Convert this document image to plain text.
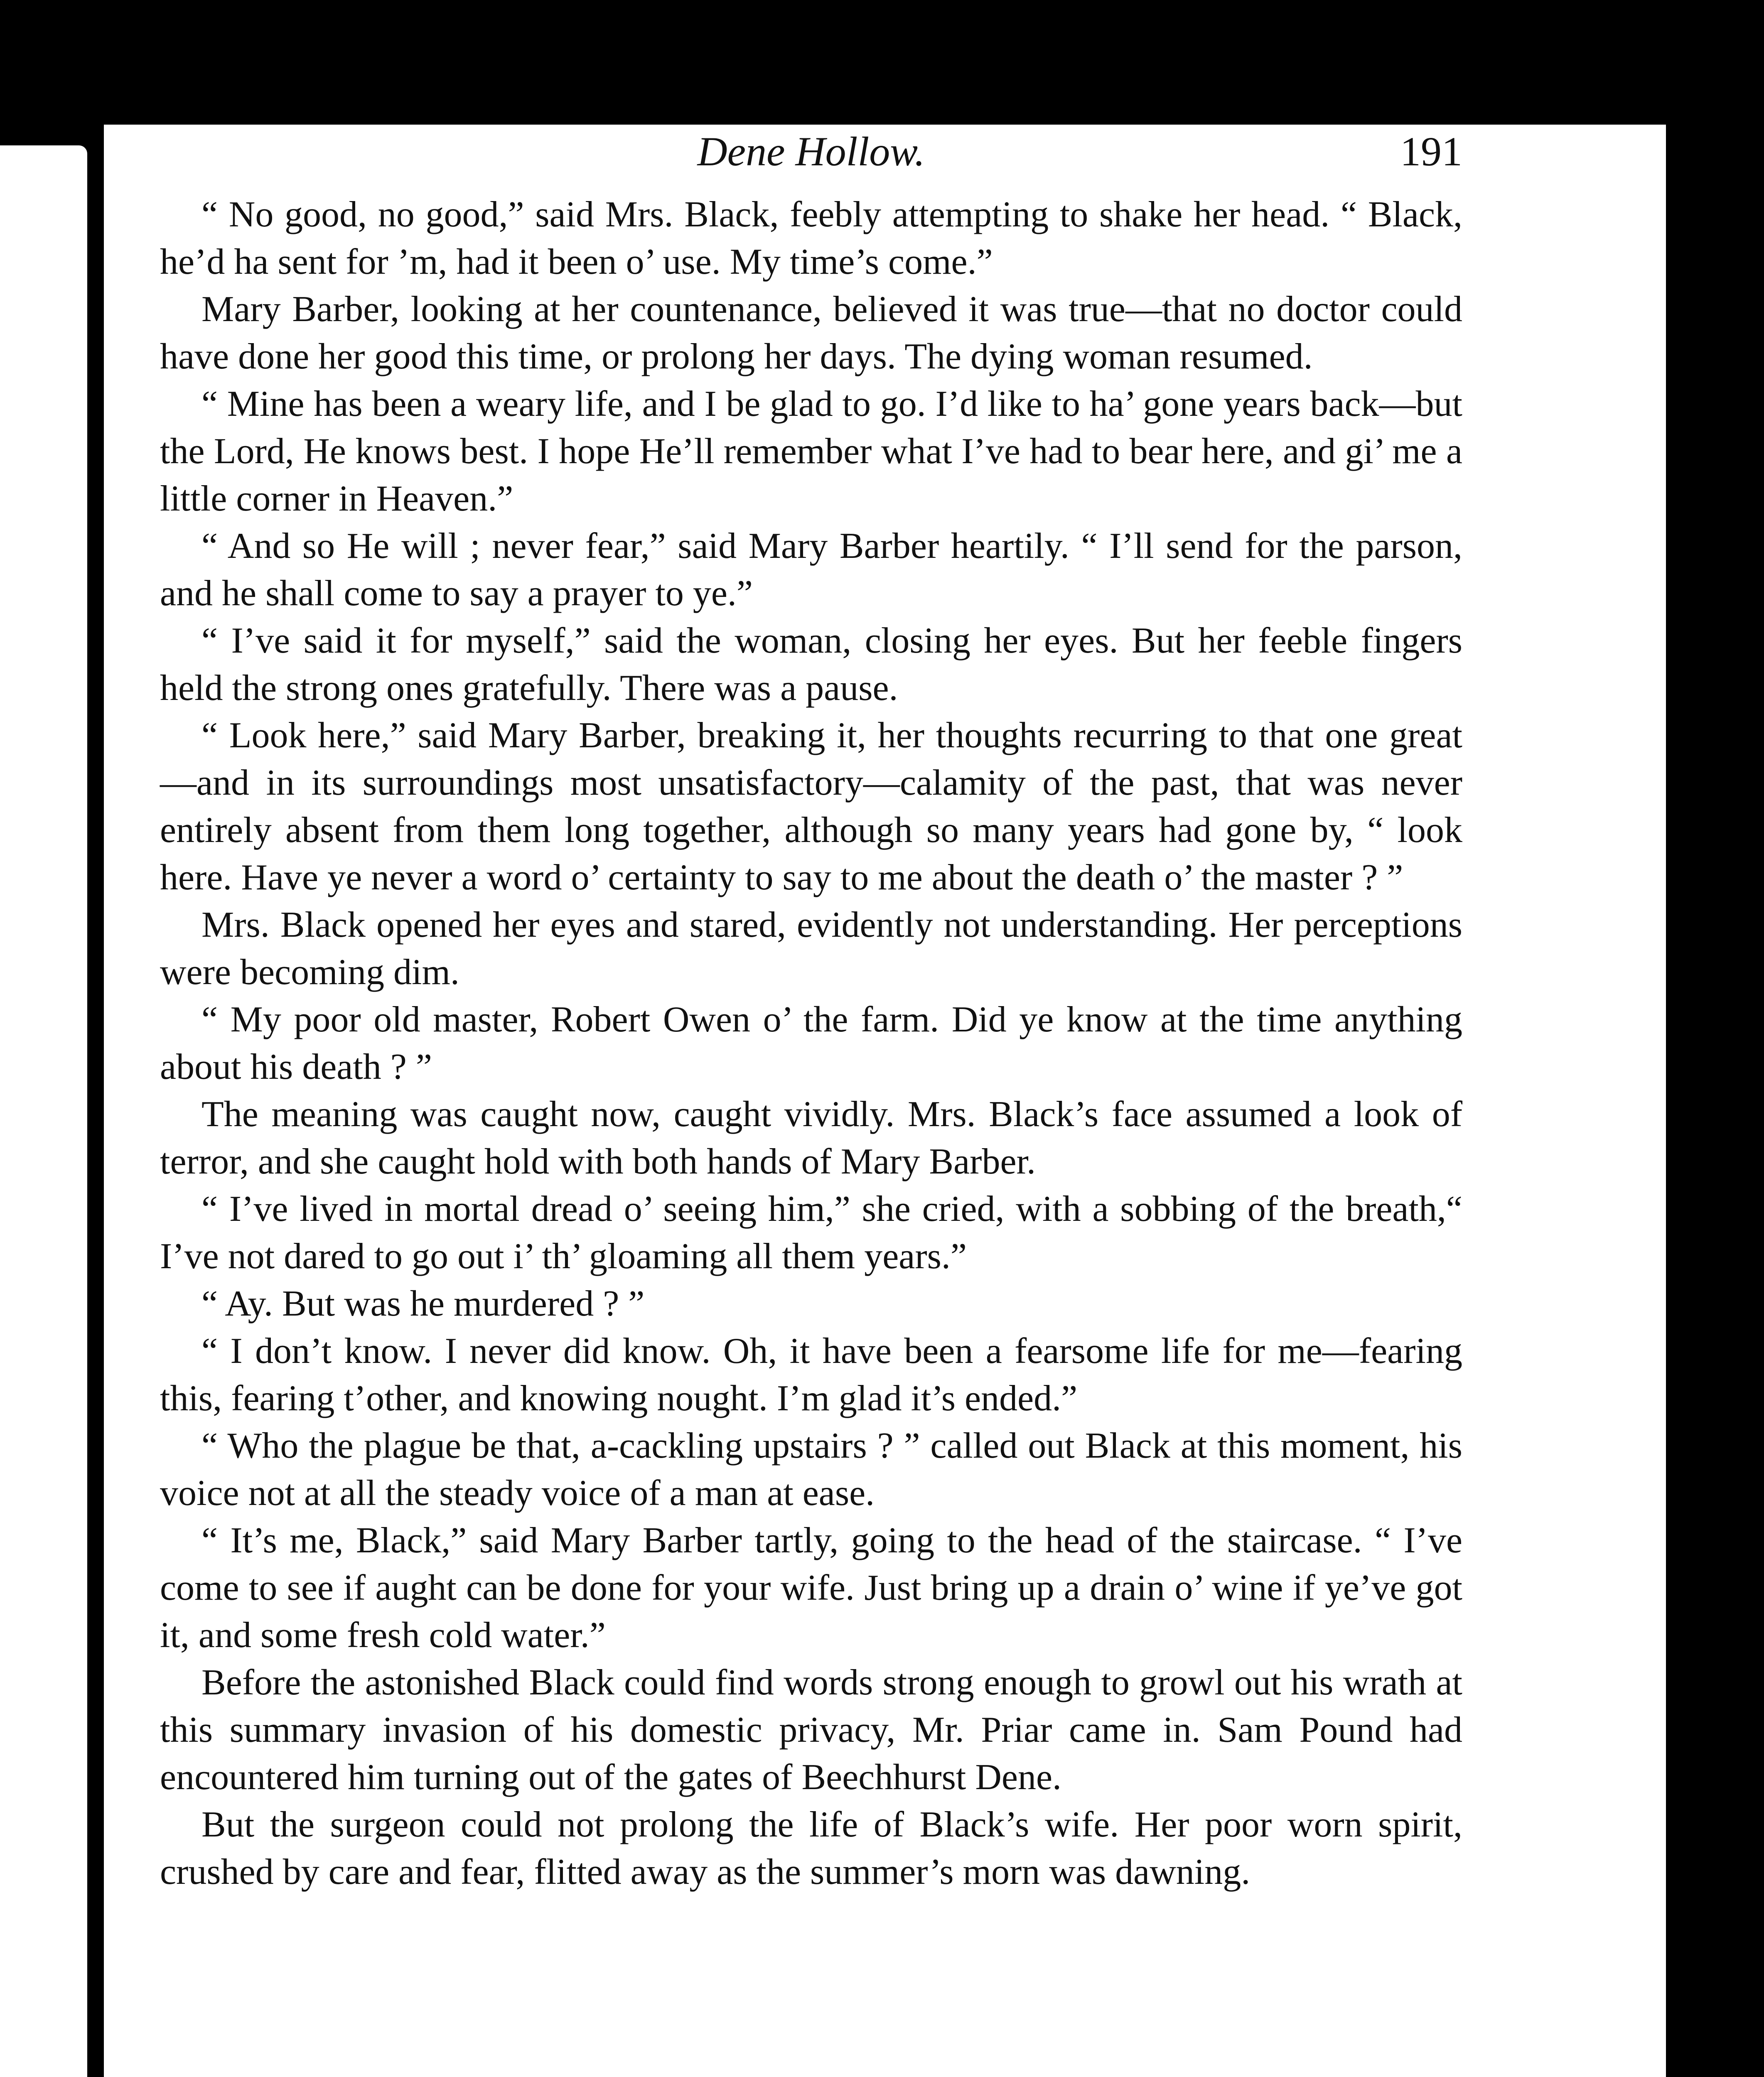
Dene Hollow.	191

“ No good, no good,” said Mrs. Black, feebly attempting to shake her head. “ Black, he’d ha sent for ’m, had it been o’ use. My time’s come.”

Mary Barber, looking at her countenance, believed it was true—that no doctor could have done her good this time, or prolong her days. The dying woman resumed.

“ Mine has been a weary life, and I be glad to go. I’d like to ha’ gone years back—but the Lord, He knows best. I hope He’ll remember what I’ve had to bear here, and gi’ me a little corner in Heaven.”

“ And so He will ; never fear,” said Mary Barber heartily. “ I’ll send for the parson, and he shall come to say a prayer to ye.”

“ I’ve said it for myself,” said the woman, closing her eyes. But her feeble fingers held the strong ones gratefully. There was a pause.

“ Look here,” said Mary Barber, breaking it, her thoughts recurring to that one great—and in its surroundings most unsatisfactory—calamity of the past, that was never entirely absent from them long together, although so many years had gone by, “ look here. Have ye never a word o’ certainty to say to me about the death o’ the master ? ”

Mrs. Black opened her eyes and stared, evidently not understanding. Her perceptions were becoming dim.

“ My poor old master, Robert Owen o’ the farm. Did ye know at the time anything about his death ? ”

The meaning was caught now, caught vividly. Mrs. Black’s face assumed a look of terror, and she caught hold with both hands of Mary Barber.

“ I’ve lived in mortal dread o’ seeing him,” she cried, with a sobbing of the breath,“ I’ve not dared to go out i’ th’ gloaming all them years.”

“ Ay. But was he murdered ? ”

“ I don’t know. I never did know. Oh, it have been a fearsome life for me—fearing this, fearing t’other, and knowing nought. I’m glad it’s ended.”

“ Who the plague be that, a-cackling upstairs ? ” called out Black at this moment, his voice not at all the steady voice of a man at ease.

“ It’s me, Black,” said Mary Barber tartly, going to the head of the staircase. “ I’ve come to see if aught can be done for your wife. Just bring up a drain o’ wine if ye’ve got it, and some fresh cold water.”

Before the astonished Black could find words strong enough to growl out his wrath at this summary invasion of his domestic privacy, Mr. Priar came in. Sam Pound had encountered him turning out of the gates of Beechhurst Dene.

But the surgeon could not prolong the life of Black’s wife. Her poor worn spirit, crushed by care and fear, flitted away as the summer’s morn was dawning.
